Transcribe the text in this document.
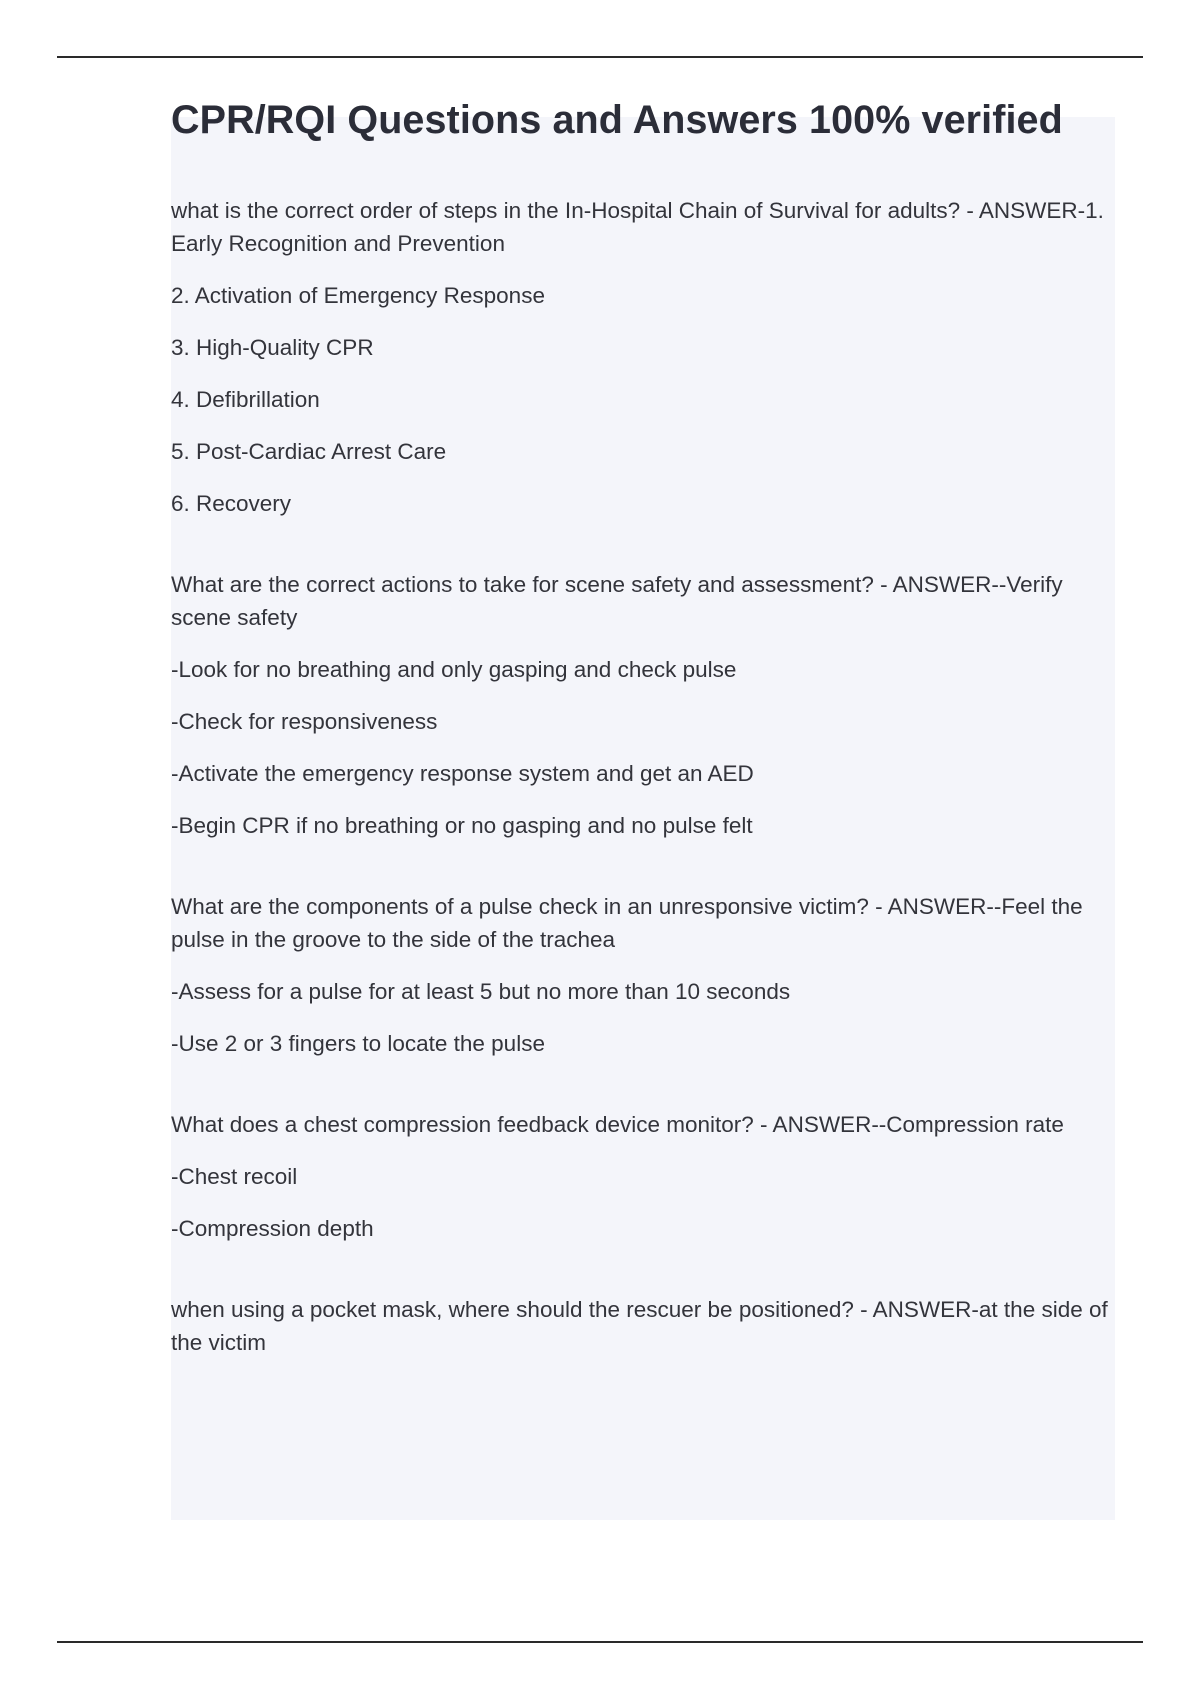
CPR/RQI Questions and Answers 100% verified

what is the correct order of steps in the In-Hospital Chain of Survival for adults? - ANSWER-1. Early Recognition and Prevention

2. Activation of Emergency Response

3. High-Quality CPR

4. Defibrillation

5. Post-Cardiac Arrest Care

6. Recovery

What are the correct actions to take for scene safety and assessment? - ANSWER--Verify scene safety

-Look for no breathing and only gasping and check pulse

-Check for responsiveness

-Activate the emergency response system and get an AED

-Begin CPR if no breathing or no gasping and no pulse felt

What are the components of a pulse check in an unresponsive victim? - ANSWER--Feel the pulse in the groove to the side of the trachea

-Assess for a pulse for at least 5 but no more than 10 seconds

-Use 2 or 3 fingers to locate the pulse

What does a chest compression feedback device monitor? - ANSWER--Compression rate

-Chest recoil

-Compression depth

when using a pocket mask, where should the rescuer be positioned? - ANSWER-at the side of the victim
